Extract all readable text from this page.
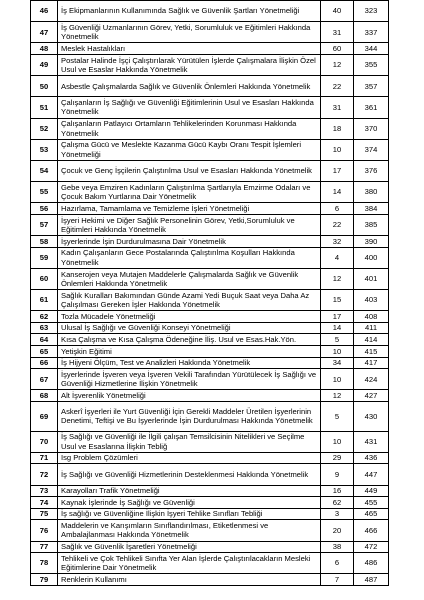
46	İş Ekipmanlarının Kullanımında Sağlık ve Güvenlik Şartları Yönetmeliği	40	323
47	İş Güvenliği Uzmanlarının Görev, Yetki, Sorumluluk ve Eğitimleri Hakkında Yönetmelik	31	337
48	Meslek Hastalıkları	60	344
49	Postalar Halinde İşçi Çalıştırılarak Yürütülen İşlerde Çalışmalara İlişkin Özel Usul ve Esaslar Hakkında Yönetmelik	12	355
50	Asbestle Çalışmalarda Sağlık ve Güvenlik Önlemleri Hakkında Yönetmelik	22	357
51	Çalışanların İş Sağlığı ve Güvenliği Eğitimlerinin Usul ve Esasları Hakkında Yönetmelik	31	361
52	Çalışanların Patlayıcı Ortamların Tehlikelerinden Korunması Hakkında Yönetmelik	18	370
53	Çalışma Gücü ve Meslekte Kazanma Gücü Kaybı Oranı Tespit İşlemleri Yönetmeliği	10	374
54	Çocuk ve Genç İşçilerin Çalıştırılma Usul ve Esasları Hakkında Yönetmelik	17	376
55	Gebe veya Emziren Kadınların Çalıştırılma Şartlarıyla Emzirme Odaları ve Çocuk Bakım Yurtlarına Dair Yönetmelik	14	380
56	Hazırlama, Tamamlama ve Temizleme İşleri Yönetmeliği	6	384
57	İşyeri Hekimi ve Diğer Sağlık Personelinin Görev, Yetki,Sorumluluk ve Eğitimleri Hakkında Yönetmelik	22	385
58	İşyerlerinde İşin Durdurulmasına Dair Yönetmelik	32	390
59	Kadın Çalışanların Gece Postalarında Çalıştırılma Koşulları Hakkında Yönetmelik	4	400
60	Kanserojen veya Mutajen Maddelerle Çalışmalarda Sağlık ve Güvenlik Önlemleri Hakkında Yönetmelik	12	401
61	Sağlık Kuralları Bakımından Günde Azami Yedi Buçuk Saat veya Daha Az Çalışılması Gereken İşler Hakkında Yönetmelik	15	403
62	Tozla Mücadele Yönetmeliği	17	408
63	Ulusal İş Sağlığı ve Güvenliği Konseyi Yönetmeliği	14	411
64	Kısa Çalışma ve Kısa Çalışma Ödeneğine İliş. Usul ve Esas.Hak.Yön.	5	414
65	Yetişkin Eğitimi	10	415
66	İş Hijyeni Ölçüm, Test ve Analizleri Hakkında Yönetmelik	34	417
67	İşyerlerinde İşveren veya İşveren Vekili Tarafından Yürütülecek İş Sağlığı ve Güvenliği Hizmetlerine İlişkin Yönetmelik	10	424
68	Alt İşverenlik Yönetmeliği	12	427
69	Askerî İşyerleri ile Yurt Güvenliği İçin Gerekli Maddeler Üretilen İşyerlerinin Denetimi, Teftişi ve Bu İşyerlerinde İşin Durdurulması Hakkında Yönetmelik	5	430
70	İş Sağlığı ve Güvenliği ile İlgili çalışan Temsilcisinin Nitelikleri ve Seçilme Usul ve Esaslarına İlişkin Tebliğ	10	431
71	Isg Problem Çözümleri	29	436
72	İş Sağlığı ve Güvenliği Hizmetlerinin Desteklenmesi Hakkında Yönetmelik	9	447
73	Karayolları Trafik Yönetmeliği	16	449
74	Kaynak İşlerinde İş Sağlığı ve Güvenliği	62	455
75	İş sağlığı ve Güvenliğine İlişkin İşyeri Tehlike Sınıfları Tebliği	3	465
76	Maddelerin ve Karışımların Sınıflandırılması, Etiketlenmesi ve Ambalajlanması Hakkında Yönetmelik	20	466
77	Sağlık ve Güvenlik İşaretleri Yönetmeliği	38	472
78	Tehlikeli ve Çok Tehlikeli Sınıfta Yer Alan İşlerde Çalıştırılacakların Mesleki Eğitimlerine Dair Yönetmelik	6	486
79	Renklerin Kullanımı	7	487
